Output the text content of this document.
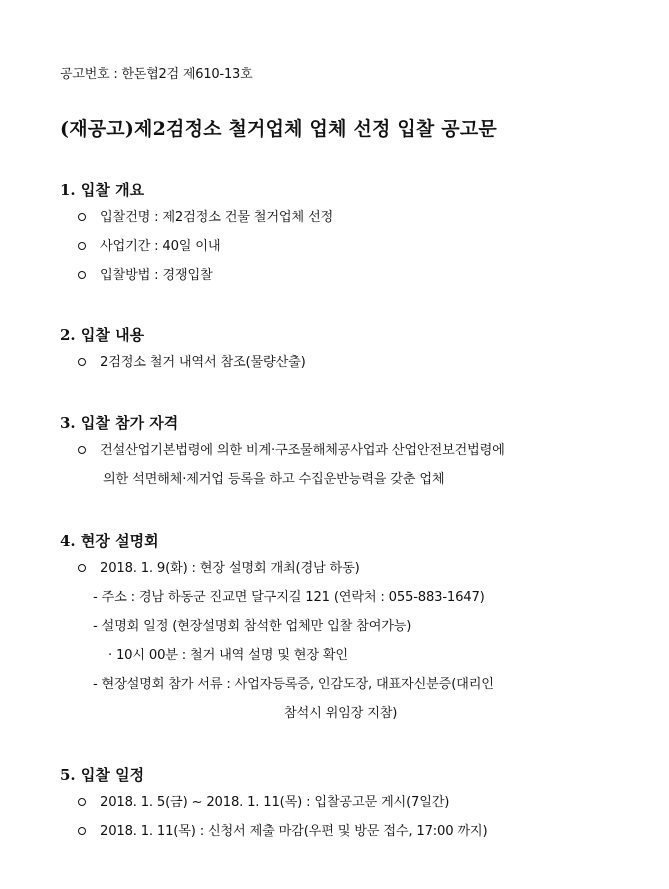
공고번호 : 한돈협2검 제610-13호
(재공고)제2검정소 철거업체 업체 선정 입찰 공고문
1. 입찰 개요
입찰건명 : 제2검정소 건물 철거업체 선정
사업기간 : 40일 이내
입찰방법 : 경쟁입찰
2. 입찰 내용
2검정소 철거 내역서 참조(물량산출)
3. 입찰 참가 자격
건설산업기본법령에 의한 비계·구조물해체공사업과 산업안전보건법령에
의한 석면해체·제거업 등록을 하고 수집운반능력을 갖춘 업체
4. 현장 설명회
2018. 1. 9(화) : 현장 설명회 개최(경남 하동)
- 주소 : 경남 하동군 진교면 달구지길 121 (연락처 : 055-883-1647)
- 설명회 일정 (현장설명회 참석한 업체만 입찰 참여가능)
· 10시 00분 : 철거 내역 설명 및 현장 확인
- 현장설명회 참가 서류 : 사업자등록증, 인감도장, 대표자신분증(대리인
참석시 위임장 지참)
5. 입찰 일정
2018. 1. 5(금) ~ 2018. 1. 11(목) : 입찰공고문 게시(7일간)
2018. 1. 11(목) : 신청서 제출 마감(우편 및 방문 접수, 17:00 까지)
